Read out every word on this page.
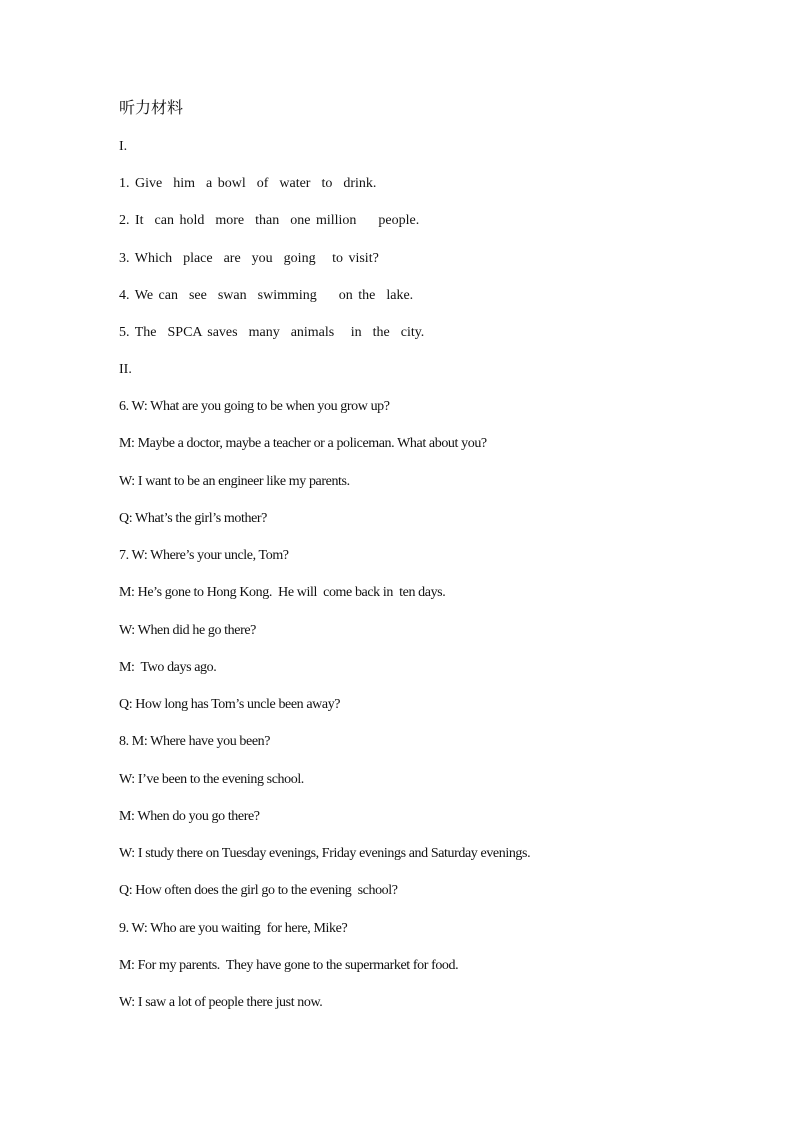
听力材料

I.

1. Give  him  a bowl  of  water  to  drink.

2. It  can hold  more  than  one million    people.

3. Which  place  are  you  going   to visit?

4. We can  see  swan  swimming    on the  lake.

5. The  SPCA saves  many  animals   in  the  city.

II.

6. W: What are you going to be when you grow up?

M: Maybe a doctor, maybe a teacher or a policeman. What about you?

W: I want to be an engineer like my parents.

Q: What’s the girl’s mother?

7. W: Where’s your uncle, Tom?

M: He’s gone to Hong Kong.  He will  come back in  ten days.

W: When did he go there?

M:  Two days ago.

Q: How long has Tom’s uncle been away?

8. M: Where have you been?

W: I’ve been to the evening school.

M: When do you go there?

W: I study there on Tuesday evenings, Friday evenings and Saturday evenings.

Q: How often does the girl go to the evening  school?

9. W: Who are you waiting  for here, Mike?

M: For my parents.  They have gone to the supermarket for food.

W: I saw a lot of people there just now.
